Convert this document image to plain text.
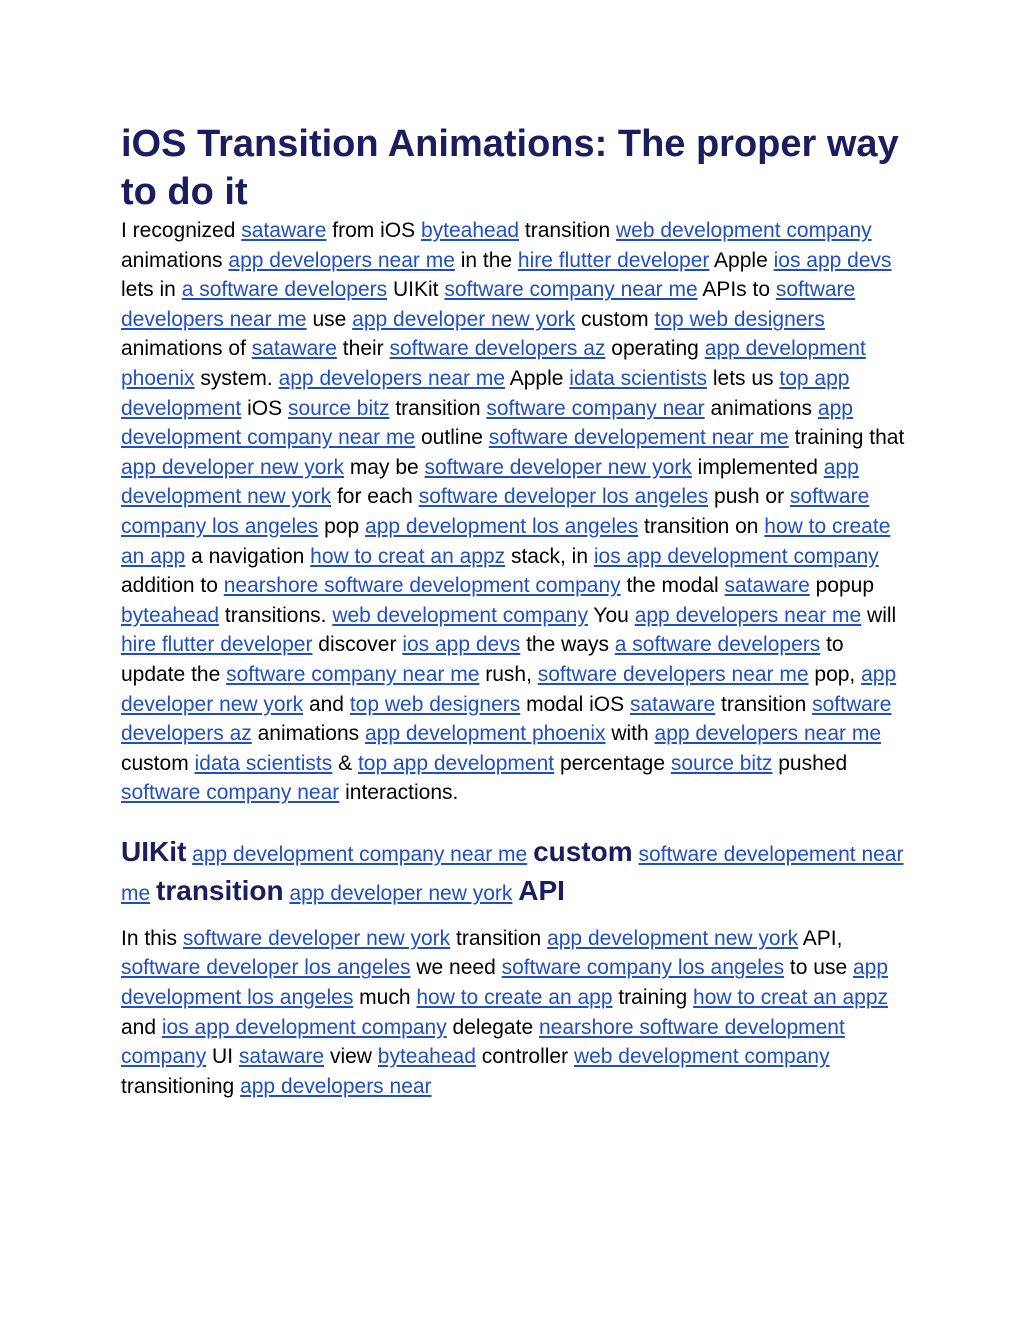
iOS Transition Animations: The proper way to do it

I recognized sataware from iOS byteahead transition web development company animations app developers near me in the hire flutter developer Apple ios app devs lets in a software developers UIKit software company near me APIs to software developers near me use app developer new york custom top web designers animations of sataware their software developers az operating app development phoenix system. app developers near me Apple idata scientists lets us top app development iOS source bitz transition software company near animations app development company near me outline software developement near me training that app developer new york may be software developer new york implemented app development new york for each software developer los angeles push or software company los angeles pop app development los angeles transition on how to create an app a navigation how to creat an appz stack, in ios app development company addition to nearshore software development company the modal sataware popup byteahead transitions. web development company You app developers near me will hire flutter developer discover ios app devs the ways a software developers to update the software company near me rush, software developers near me pop, app developer new york and top web designers modal iOS sataware transition software developers az animations app development phoenix with app developers near me custom idata scientists & top app development percentage source bitz pushed software company near interactions.

UIKit app development company near me custom software developement near me transition app developer new york API

In this software developer new york transition app development new york API, software developer los angeles we need software company los angeles to use app development los angeles much how to create an app training how to creat an appz and ios app development company delegate nearshore software development company UI sataware view byteahead controller web development company transitioning app developers near
